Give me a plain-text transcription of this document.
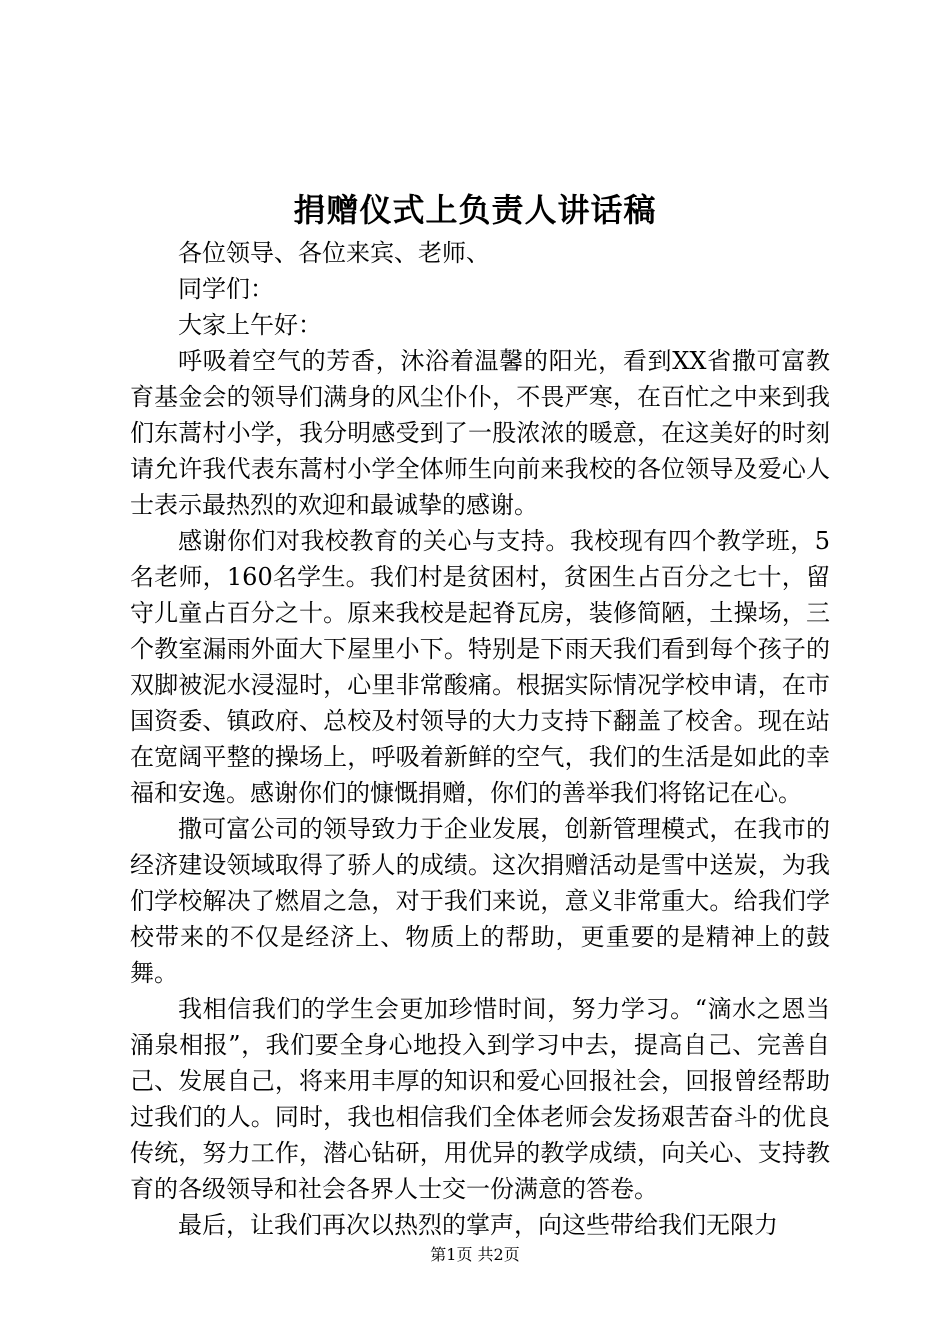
捐赠仪式上负责人讲话稿

各位领导、各位来宾、老师、

同学们：

大家上午好：

呼吸着空气的芳香，沐浴着温馨的阳光，看到XX省撒可富教育基金会的领导们满身的风尘仆仆，不畏严寒，在百忙之中来到我们东蒿村小学，我分明感受到了一股浓浓的暖意，在这美好的时刻请允许我代表东蒿村小学全体师生向前来我校的各位领导及爱心人士表示最热烈的欢迎和最诚挚的感谢。

感谢你们对我校教育的关心与支持。我校现有四个教学班，5名老师，160名学生。我们村是贫困村，贫困生占百分之七十，留守儿童占百分之十。原来我校是起脊瓦房，装修简陋，土操场，三个教室漏雨外面大下屋里小下。特别是下雨天我们看到每个孩子的双脚被泥水浸湿时，心里非常酸痛。根据实际情况学校申请，在市国资委、镇政府、总校及村领导的大力支持下翻盖了校舍。现在站在宽阔平整的操场上，呼吸着新鲜的空气，我们的生活是如此的幸福和安逸。感谢你们的慷慨捐赠，你们的善举我们将铭记在心。

撒可富公司的领导致力于企业发展，创新管理模式，在我市的经济建设领域取得了骄人的成绩。这次捐赠活动是雪中送炭，为我们学校解决了燃眉之急，对于我们来说，意义非常重大。给我们学校带来的不仅是经济上、物质上的帮助，更重要的是精神上的鼓舞。

我相信我们的学生会更加珍惜时间，努力学习。“滴水之恩当涌泉相报”，我们要全身心地投入到学习中去，提高自己、完善自己、发展自己，将来用丰厚的知识和爱心回报社会，回报曾经帮助过我们的人。同时，我也相信我们全体老师会发扬艰苦奋斗的优良传统，努力工作，潜心钻研，用优异的教学成绩，向关心、支持教育的各级领导和社会各界人士交一份满意的答卷。

最后，让我们再次以热烈的掌声，向这些带给我们无限力

第1页 共2页
